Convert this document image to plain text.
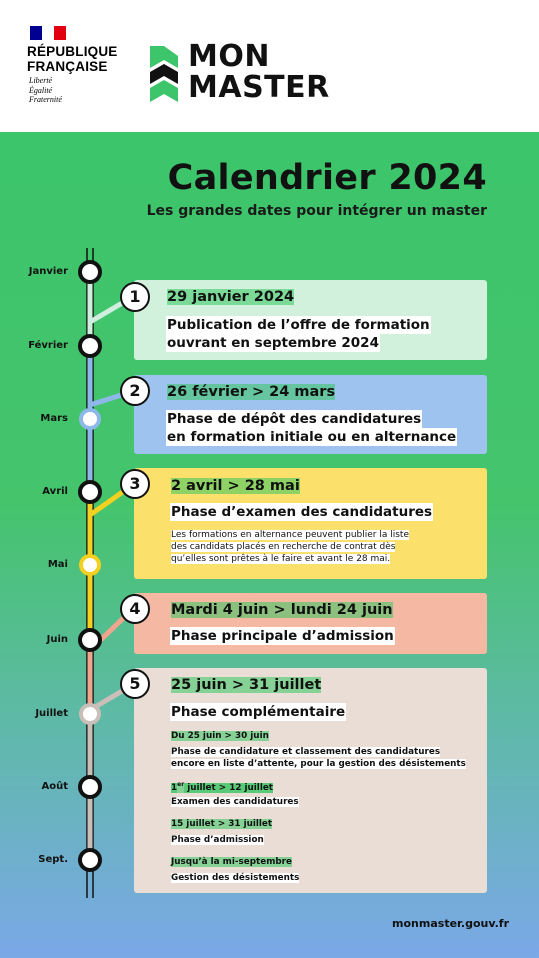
RÉPUBLIQUE
FRANÇAISE
Liberté
Égalité
Fraternité
MON
MASTER
Calendrier 2024
Les grandes dates pour intégrer un master
Janvier
Février
Mars
Avril
Mai
Juin
Juillet
Août
Sept.
29 janvier 2024
Publication de l’offre de formation
ouvrant en septembre 2024
1
26 février > 24 mars
Phase de dépôt des candidatures
en formation initiale ou en alternance
2
2 avril > 28 mai
Phase d’examen des candidatures
Les formations en alternance peuvent publier la liste
des candidats placés en recherche de contrat dès
qu’elles sont prêtes à le faire et avant le 28 mai.
3
Mardi 4 juin > lundi 24 juin
Phase principale d’admission
4
25 juin > 31 juillet
Phase complémentaire
Du 25 juin > 30 juin
Phase de candidature et classement des candidatures
encore en liste d’attente, pour la gestion des désistements
1er juillet > 12 juillet
Examen des candidatures
15 juillet > 31 juillet
Phase d’admission
Jusqu’à la mi-septembre
Gestion des désistements
5
monmaster.gouv.fr
